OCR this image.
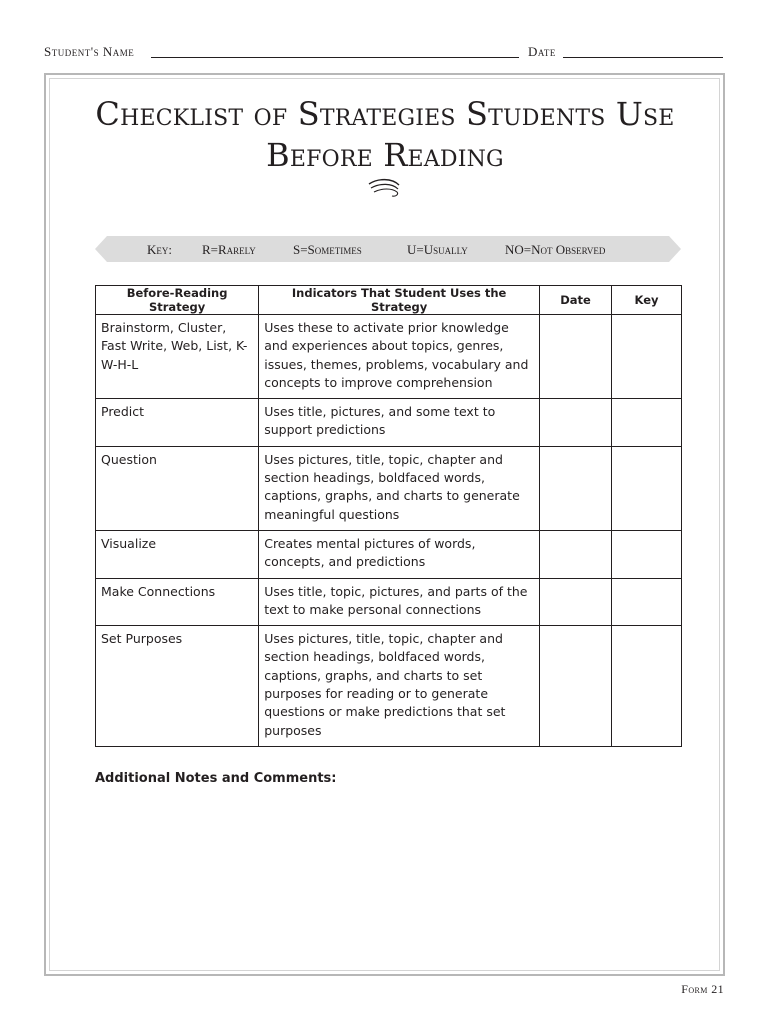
Student's Name	Date
Checklist of Strategies Students Use
Before Reading
Key: R=Rarely	S=Sometimes	U=Usually	NO=Not Observed
Before-Reading Strategy	Indicators That Student Uses the Strategy	Date	Key
Brainstorm, Cluster, Fast Write, Web, List, K-W-H-L	Uses these to activate prior knowledge and experiences about topics, genres, issues, themes, problems, vocabulary and concepts to improve comprehension		
Predict	Uses title, pictures, and some text to support predictions		
Question	Uses pictures, title, topic, chapter and section headings, boldfaced words, captions, graphs, and charts to generate meaningful questions		
Visualize	Creates mental pictures of words, concepts, and predictions		
Make Connections	Uses title, topic, pictures, and parts of the text to make personal connections		
Set Purposes	Uses pictures, title, topic, chapter and section headings, boldfaced words, captions, graphs, and charts to set purposes for reading or to generate questions or make predictions that set purposes		
Additional Notes and Comments:
Form 21
